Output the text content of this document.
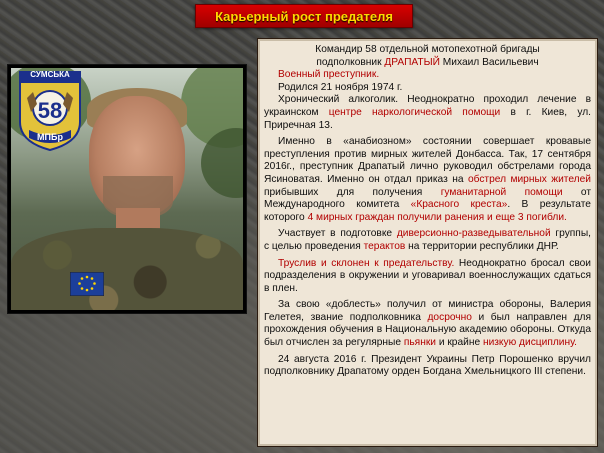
Карьерный рост предателя
СУМСЬКА
58
МПБр

Командир 58 отдельной мотопехотной бригады

подполковник ДРАПАТЫЙ Михаил Васильевич

Военный преступник.

Родился 21 ноября 1974 г.

Хронический алкоголик. Неоднократно проходил лечение в украинском центре наркологической помощи в г. Киев, ул. Приречная 13.

Именно в «анабиозном» состоянии совершает кровавые преступления против мирных жителей Донбасса. Так, 17 сентября 2016г., преступник Драпатый лично руководил обстрелами города Ясиноватая. Именно он отдал приказ на обстрел мирных жителей прибывших для получения гуманитарной помощи от Международного комитета «Красного креста». В результате которого 4 мирных граждан получили ранения и еще 3 погибли.

Участвует в подготовке диверсионно-разведывательной группы, с целью проведения терактов на территории республики ДНР.

Труслив и склонен к предательству. Неоднократно бросал свои подразделения в окружении и уговаривал военнослужащих сдаться в плен.

За свою «доблесть» получил от министра обороны, Валерия Гелетея, звание подполковника досрочно и был направлен для прохождения обучения в Национальную академию обороны. Откуда был отчислен за регулярные пьянки и крайне низкую дисциплину.

24 августа 2016 г. Президент Украины Петр Порошенко вручил подполковнику Драпатому орден Богдана Хмельницкого III степени.
